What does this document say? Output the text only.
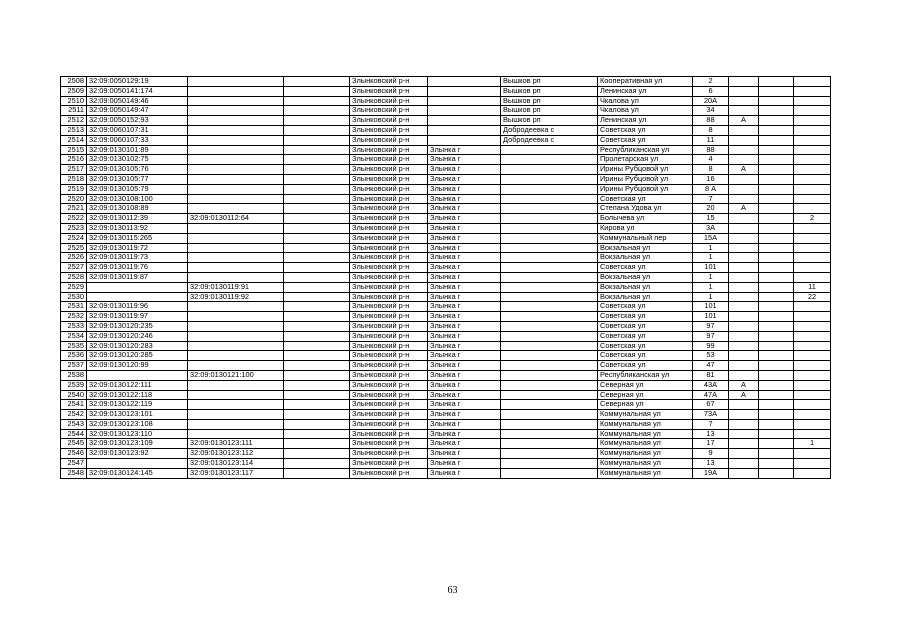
2508	32:09:0050129:19			Злынковский р-н		Вышков рп	Кооперативная ул	2			
2509	32:09:0050141:174			Злынковский р-н		Вышков рп	Ленинская ул	6			
2510	32:09:0050149:46			Злынковский р-н		Вышков рп	Чкалова ул	20А			
2511	32:09:0050149:47			Злынковский р-н		Вышков рп	Чкалова ул	34			
2512	32:09:0050152:93			Злынковский р-н		Вышков рп	Ленинская ул	88	А		
2513	32:09:0060107:31			Злынковский р-н		Добродеевка с	Советская ул	8			
2514	32:09:0060107:33			Злынковский р-н		Добродеевка с	Советская ул	11			
2515	32:09:0130101:89			Злынковский р-н	Злынка г		Республиканская ул	88			
2516	32:09:0130102:75			Злынковский р-н	Злынка г		Пролетарская ул	4			
2517	32:09:0130105:76			Злынковский р-н	Злынка г		Ирины Рубцовой ул	8	А		
2518	32:09:0130105:77			Злынковский р-н	Злынка г		Ирины Рубцовой ул	16			
2519	32:09:0130105:79			Злынковский р-н	Злынка г		Ирины Рубцовой ул	8 А			
2520	32:09:0130108:100			Злынковский р-н	Злынка г		Советская ул	7			
2521	32:09:0130108:89			Злынковский р-н	Злынка г		Степана Удова ул	20	А		
2522	32:09:0130112:39	32:09:0130112:64		Злынковский р-н	Злынка г		Болычева ул	15			2
2523	32:09:0130113:92			Злынковский р-н	Злынка г		Кирова ул	3А			
2524	32:09:0130115:265			Злынковский р-н	Злынка г		Коммунальный пер	15А			
2525	32:09:0130119:72			Злынковский р-н	Злынка г		Вокзальная ул	1			
2526	32:09:0130119:73			Злынковский р-н	Злынка г		Вокзальная ул	1			
2527	32:09:0130119:76			Злынковский р-н	Злынка г		Советская ул	101			
2528	32:09:0130119:87			Злынковский р-н	Злынка г		Вокзальная ул	1			
2529		32:09:0130119:91		Злынковский р-н	Злынка г		Вокзальная ул	1			11
2530		32:09:0130119:92		Злынковский р-н	Злынка г		Вокзальная ул	1			22
2531	32:09:0130119:96			Злынковский р-н	Злынка г		Советская ул	101			
2532	32:09:0130119:97			Злынковский р-н	Злынка г		Советская ул	101			
2533	32:09:0130120:235			Злынковский р-н	Злынка г		Советская ул	97			
2534	32:09:0130120:246			Злынковский р-н	Злынка г		Советская ул	97			
2535	32:09:0130120:283			Злынковский р-н	Злынка г		Советская ул	99			
2536	32:09:0130120:285			Злынковский р-н	Злынка г		Советская ул	53			
2537	32:09:0130120:99			Злынковский р-н	Злынка г		Советская ул	47			
2538		32:09:0130121:100		Злынковский р-н	Злынка г		Республиканская ул	81			
2539	32:09:0130122:111			Злынковский р-н	Злынка г		Северная ул	43А	А		
2540	32:09:0130122:118			Злынковский р-н	Злынка г		Северная ул	47А	А		
2541	32:09:0130122:119			Злынковский р-н	Злынка г		Северная ул	67			
2542	32:09:0130123:101			Злынковский р-н	Злынка г		Коммунальная ул	73А			
2543	32:09:0130123:108			Злынковский р-н	Злынка г		Коммунальная ул	7			
2544	32:09:0130123:110			Злынковский р-н	Злынка г		Коммунальная ул	13			
2545	32:09:0130123:109	32:09:0130123:111		Злынковский р-н	Злынка г		Коммунальная ул	17			1
2546	32:09:0130123:92	32:09:0130123:112		Злынковский р-н	Злынка г		Коммунальная ул	9			
2547		32:09:0130123:114		Злынковский р-н	Злынка г		Коммунальная ул	13			
2548	32:09:0130124:145	32:09:0130123:117		Злынковский р-н	Злынка г		Коммунальная ул	19А			
63
